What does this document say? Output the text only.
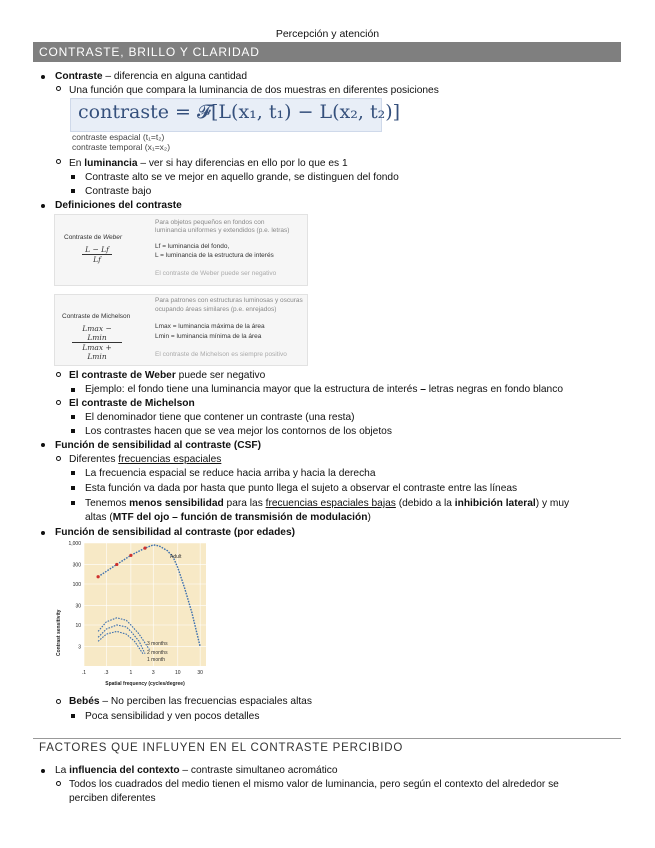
Percepción y atención
CONTRASTE, BRILLO Y CLARIDAD
Contraste – diferencia en alguna cantidad
Una función que compara la luminancia de dos muestras en diferentes posiciones
contraste = 𝓕[L(x₁, t₁) − L(x₂, t₂)]
contraste espacial (t₁=t₂)
contraste temporal (x₁=x₂)
En luminancia – ver si hay diferencias en ello por lo que es 1
Contraste alto se ve mejor en aquello grande, se distinguen del fondo
Contraste bajo
Definiciones del contraste
Contraste de Weber
$\frac{L - Lf}{Lf}$
Para objetos pequeños en fondos con
luminancia uniformes y extendidos (p.e. letras)
Lf = luminancia del fondo,
L = luminancia de la estructura de interés
El contraste de Weber puede ser negativo
Contraste de Michelson
Lmax − Lmin
Lmax + Lmin
Para patrones con estructuras luminosas y oscuras
ocupando áreas similares (p.e. enrejados)
Lmax = luminancia máxima de la área
Lmin = luminancia mínima de la área
El contraste de Michelson es siempre positivo
El contraste de Weber puede ser negativo
Ejemplo: el fondo tiene una luminancia mayor que la estructura de interés – letras negras en fondo blanco
El contraste de Michelson
El denominador tiene que contener un contraste (una resta)
Los contrastes hacen que se vea mejor los contornos de los objetos
Función de sensibilidad al contraste (CSF)
Diferentes frecuencias espaciales
La frecuencia espacial se reduce hacia arriba y hacia la derecha
Esta función va dada por hasta que punto llega el sujeto a observar el contraste entre las líneas
Tenemos menos sensibilidad para las frecuencias espaciales bajas (debido a la inhibición lateral) y muy
altas (MTF del ojo – función de transmisión de modulación)
Función de sensibilidad al contraste (por edades)
.1	.3	1	3	10	30
1,000
300
100
30
10
3
Contrast sensitivity
Spatial frequency (cycles/degree)
Adult
3 months
2 months
1 month
Bebés – No perciben las frecuencias espaciales altas
Poca sensibilidad y ven pocos detalles
FACTORES QUE INFLUYEN EN EL CONTRASTE PERCIBIDO
La influencia del contexto – contraste simultaneo acromático
Todos los cuadrados del medio tienen el mismo valor de luminancia, pero según el contexto del alrededor se
perciben diferentes
